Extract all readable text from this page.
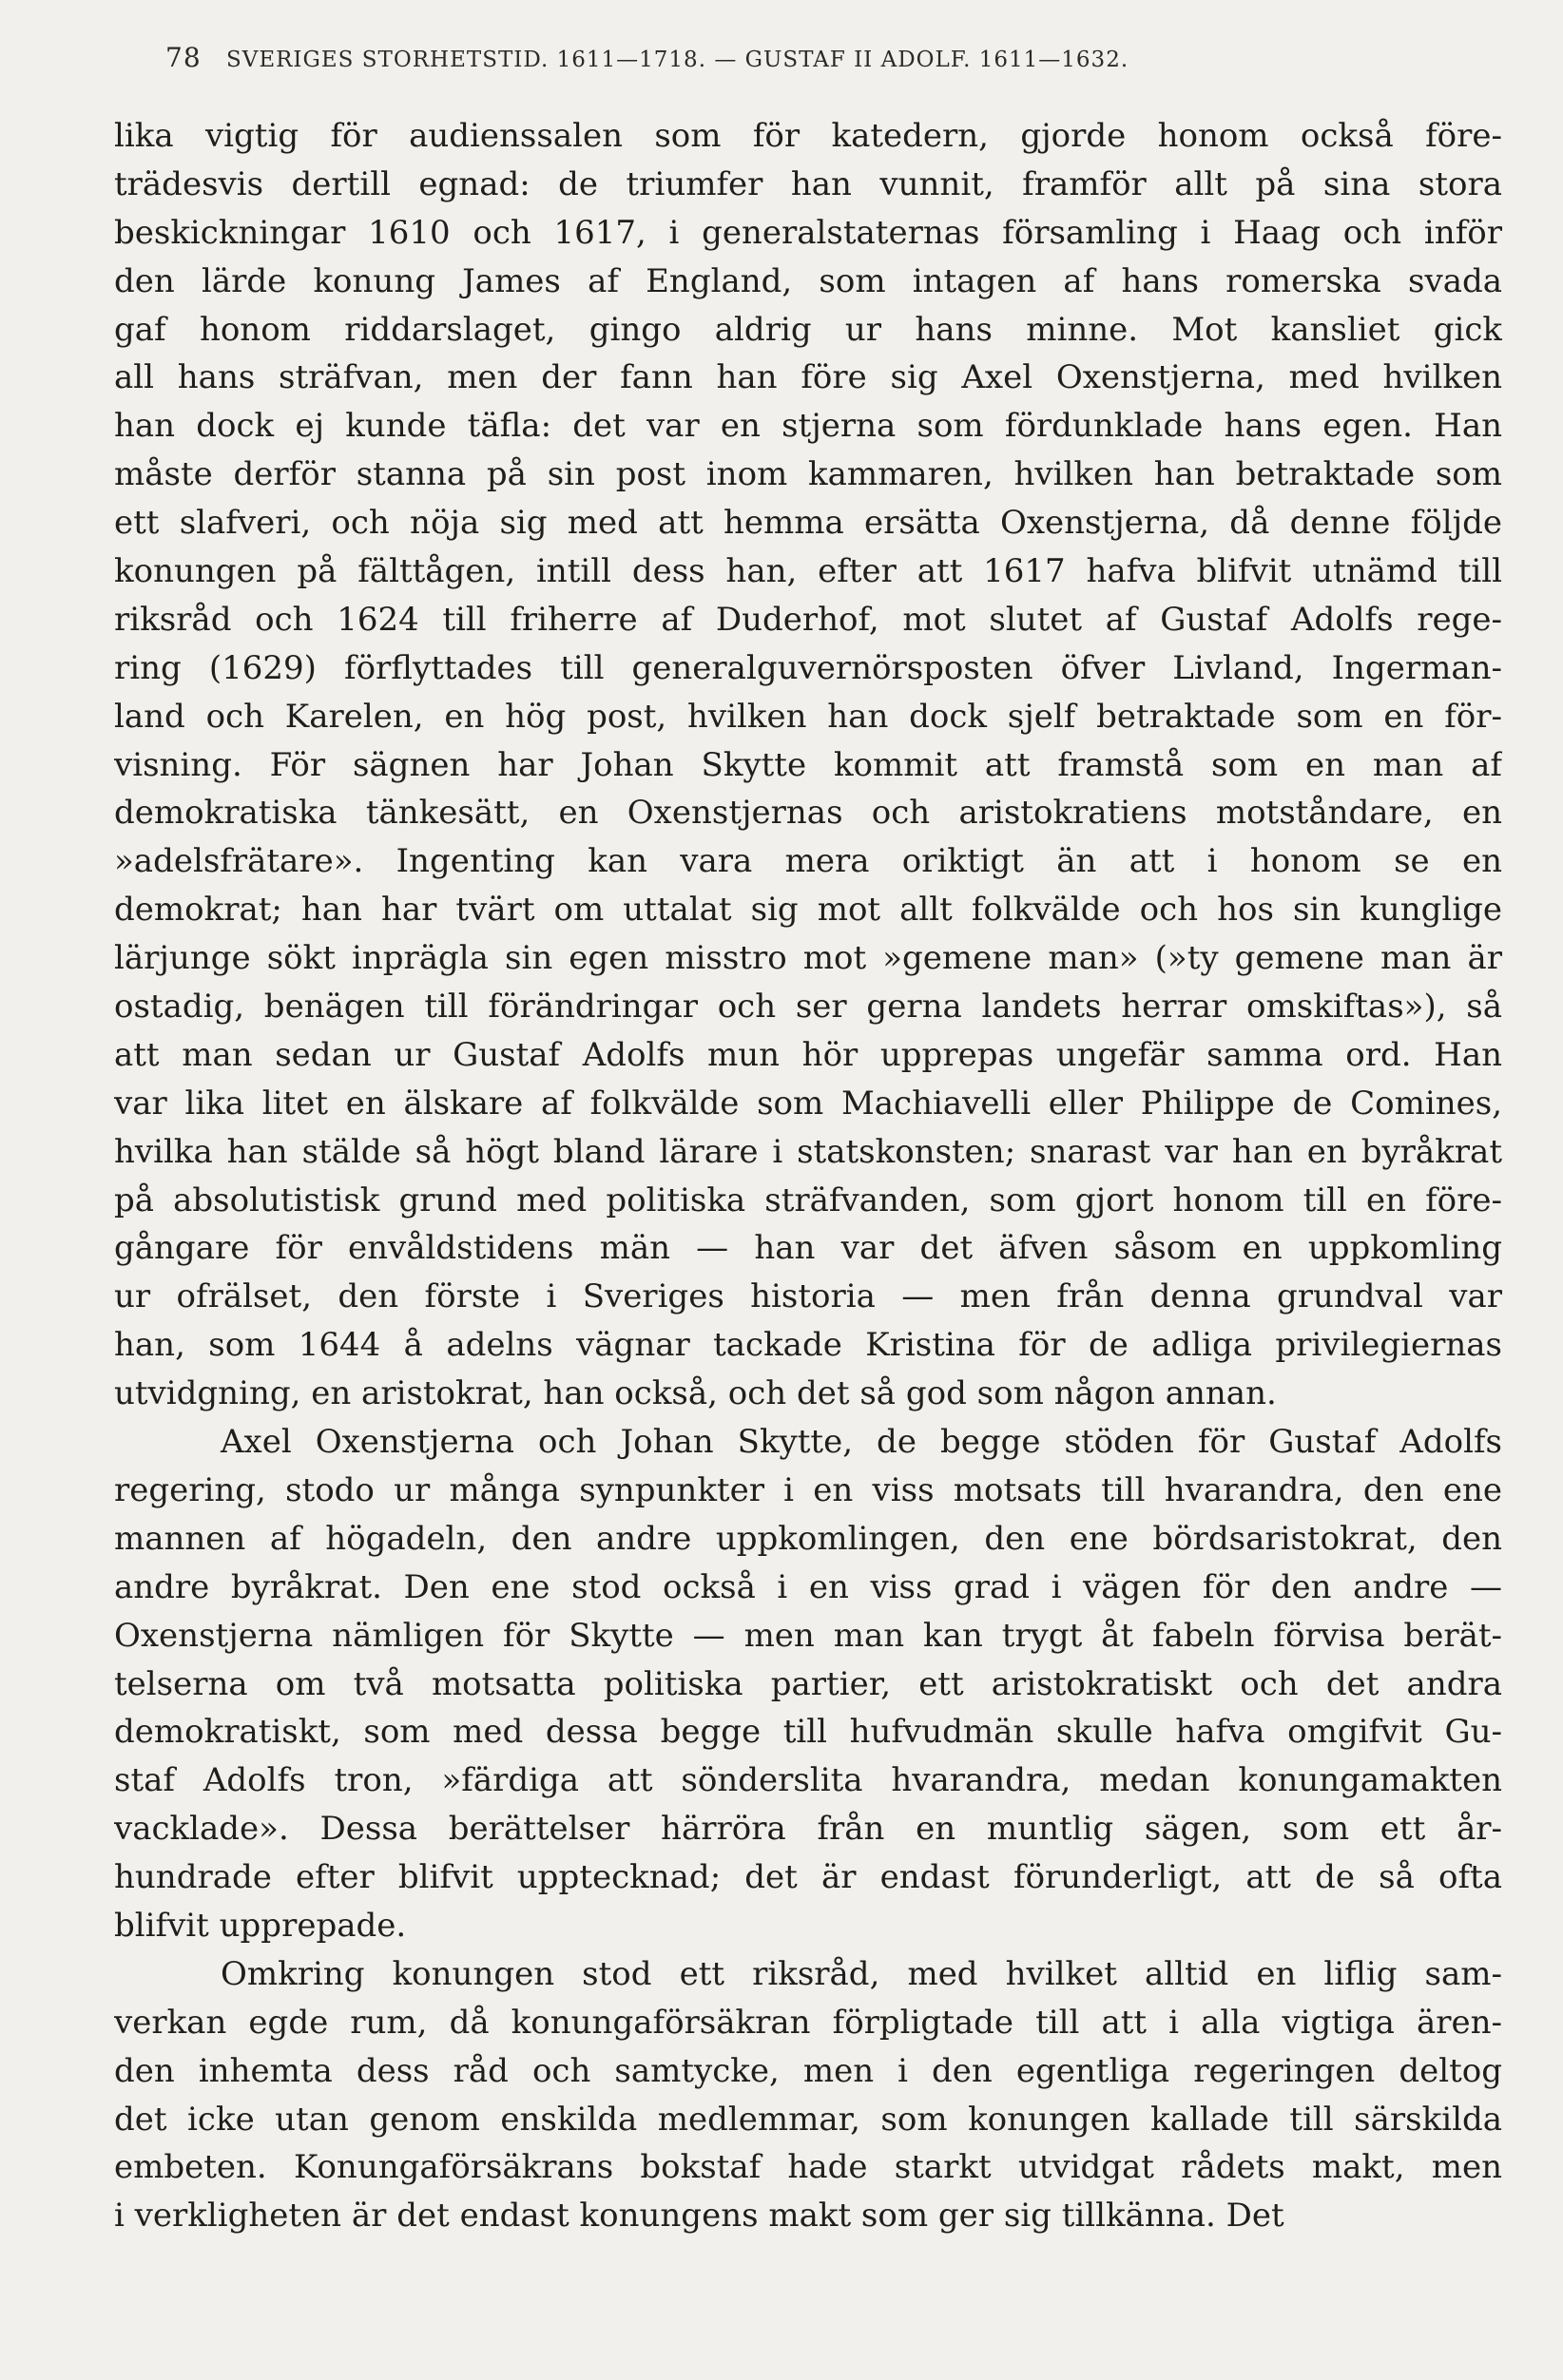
78 SVERIGES STORHETSTID. 1611—1718. — GUSTAF II ADOLF. 1611—1632.
lika vigtig för audienssalen som för katedern, gjorde honom också före-
trädesvis dertill egnad: de triumfer han vunnit, framför allt på sina stora
beskickningar 1610 och 1617, i generalstaternas församling i Haag och inför
den lärde konung James af England, som intagen af hans romerska svada
gaf honom riddarslaget, gingo aldrig ur hans minne. Mot kansliet gick
all hans sträfvan, men der fann han före sig Axel Oxenstjerna, med hvilken
han dock ej kunde täfla: det var en stjerna som fördunklade hans egen. Han
måste derför stanna på sin post inom kammaren, hvilken han betraktade som
ett slafveri, och nöja sig med att hemma ersätta Oxenstjerna, då denne följde
konungen på fälttågen, intill dess han, efter att 1617 hafva blifvit utnämd till
riksråd och 1624 till friherre af Duderhof, mot slutet af Gustaf Adolfs rege-
ring (1629) förflyttades till generalguvernörsposten öfver Livland, Ingerman-
land och Karelen, en hög post, hvilken han dock sjelf betraktade som en för-
visning. För sägnen har Johan Skytte kommit att framstå som en man af
demokratiska tänkesätt, en Oxenstjernas och aristokratiens motståndare, en
»adelsfrätare». Ingenting kan vara mera oriktigt än att i honom se en
demokrat; han har tvärt om uttalat sig mot allt folkvälde och hos sin kunglige
lärjunge sökt inprägla sin egen misstro mot »gemene man» (»ty gemene man är
ostadig, benägen till förändringar och ser gerna landets herrar omskiftas»), så
att man sedan ur Gustaf Adolfs mun hör upprepas ungefär samma ord. Han
var lika litet en älskare af folkvälde som Machiavelli eller Philippe de Comines,
hvilka han stälde så högt bland lärare i statskonsten; snarast var han en byråkrat
på absolutistisk grund med politiska sträfvanden, som gjort honom till en före-
gångare för envåldstidens män — han var det äfven såsom en uppkomling
ur ofrälset, den förste i Sveriges historia — men från denna grundval var
han, som 1644 å adelns vägnar tackade Kristina för de adliga privilegiernas
utvidgning, en aristokrat, han också, och det så god som någon annan.
Axel Oxenstjerna och Johan Skytte, de begge stöden för Gustaf Adolfs
regering, stodo ur många synpunkter i en viss motsats till hvarandra, den ene
mannen af högadeln, den andre uppkomlingen, den ene bördsaristokrat, den
andre byråkrat. Den ene stod också i en viss grad i vägen för den andre —
Oxenstjerna nämligen för Skytte — men man kan trygt åt fabeln förvisa berät-
telserna om två motsatta politiska partier, ett aristokratiskt och det andra
demokratiskt, som med dessa begge till hufvudmän skulle hafva omgifvit Gu-
staf Adolfs tron, »färdiga att sönderslita hvarandra, medan konungamakten
vacklade». Dessa berättelser härröra från en muntlig sägen, som ett år-
hundrade efter blifvit upptecknad; det är endast förunderligt, att de så ofta
blifvit upprepade.
Omkring konungen stod ett riksråd, med hvilket alltid en liflig sam-
verkan egde rum, då konungaförsäkran förpligtade till att i alla vigtiga ären-
den inhemta dess råd och samtycke, men i den egentliga regeringen deltog
det icke utan genom enskilda medlemmar, som konungen kallade till särskilda
embeten. Konungaförsäkrans bokstaf hade starkt utvidgat rådets makt, men
i verkligheten är det endast konungens makt som ger sig tillkänna. Det
